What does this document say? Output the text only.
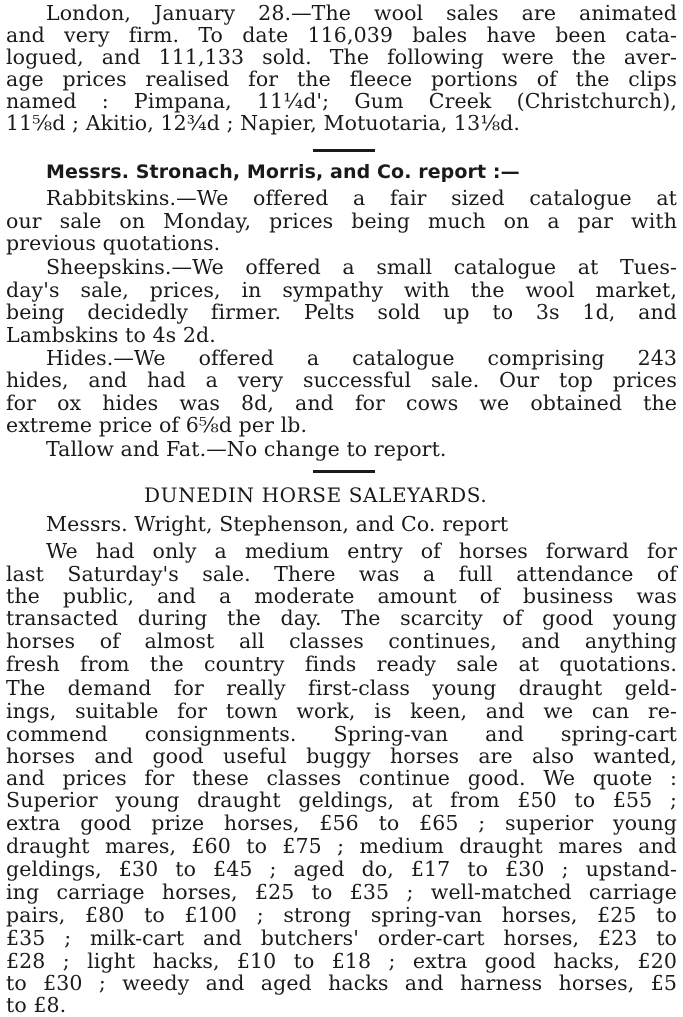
London, January 28.—The wool sales are animated
and very firm. To date 116,039 bales have been cata-
logued, and 111,133 sold. The following were the aver-
age prices realised for the fleece portions of the clips
named : Pimpana, 11¼d'; Gum Creek (Christchurch),
11⅝d ; Akitio, 12¾d ; Napier, Motuotaria, 13⅛d.
Messrs. Stronach, Morris, and Co. report :—
Rabbitskins.—We offered a fair sized catalogue at
our sale on Monday, prices being much on a par with
previous quotations.
Sheepskins.—We offered a small catalogue at Tues-
day's sale, prices, in sympathy with the wool market,
being decidedly firmer. Pelts sold up to 3s 1d, and
Lambskins to 4s 2d.
Hides.—We offered a catalogue comprising 243
hides, and had a very successful sale. Our top prices
for ox hides was 8d, and for cows we obtained the
extreme price of 6⅝d per lb.
Tallow and Fat.—No change to report.
DUNEDIN HORSE SALEYARDS.
Messrs. Wright, Stephenson, and Co. report
We had only a medium entry of horses forward for
last Saturday's sale. There was a full attendance of
the public, and a moderate amount of business was
transacted during the day. The scarcity of good young
horses of almost all classes continues, and anything
fresh from the country finds ready sale at quotations.
The demand for really first-class young draught geld-
ings, suitable for town work, is keen, and we can re-
commend consignments. Spring-van and spring-cart
horses and good useful buggy horses are also wanted,
and prices for these classes continue good. We quote :
Superior young draught geldings, at from £50 to £55 ;
extra good prize horses, £56 to £65 ; superior young
draught mares, £60 to £75 ; medium draught mares and
geldings, £30 to £45 ; aged do, £17 to £30 ; upstand-
ing carriage horses, £25 to £35 ; well-matched carriage
pairs, £80 to £100 ; strong spring-van horses, £25 to
£35 ; milk-cart and butchers' order-cart horses, £23 to
£28 ; light hacks, £10 to £18 ; extra good hacks, £20
to £30 ; weedy and aged hacks and harness horses, £5
to £8.
